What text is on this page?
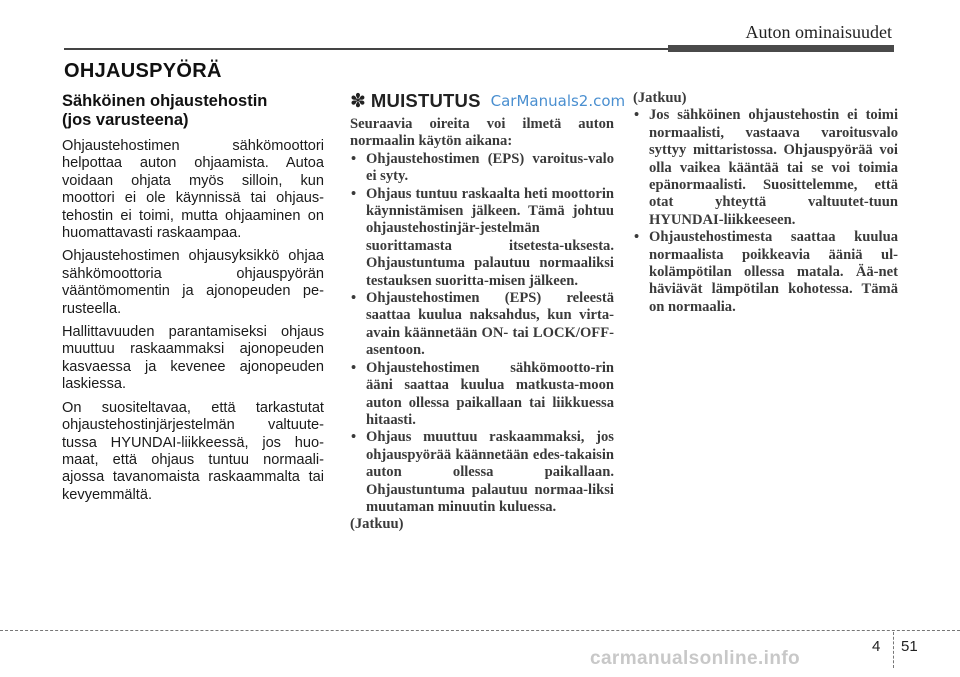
Auton ominaisuudet
OHJAUSPYÖRÄ
Sähköinen ohjaustehostin
(jos varusteena)

Ohjaustehostimen sähkömoottori helpottaa auton ohjaamista. Autoa voidaan ohjata myös silloin, kun moottori ei ole käynnissä tai ohjaus-tehostin ei toimi, mutta ohjaaminen on huomattavasti raskaampaa.

Ohjaustehostimen ohjausyksikkö ohjaa sähkömoottoria ohjauspyörän vääntömomentin ja ajonopeuden pe-rusteella.

Hallittavuuden parantamiseksi ohjaus muuttuu raskaammaksi ajonopeuden kasvaessa ja kevenee ajonopeuden laskiessa.

On suositeltavaa, että tarkastutat ohjaustehostinjärjestelmän valtuute-tussa HYUNDAI-liikkeessä, jos huo-maat, että ohjaus tuntuu normaali-ajossa tavanomaista raskaammalta tai kevyemmältä.

✽ MUISTUTUS CarManuals2.com

Seuraavia oireita voi ilmetä auton normaalin käytön aikana:

• Ohjaustehostimen (EPS) varoitus-valo ei syty.
• Ohjaus tuntuu raskaalta heti moottorin käynnistämisen jälkeen. Tämä johtuu ohjaustehostinjär-jestelmän suorittamasta itsetesta-uksesta. Ohjaustuntuma palautuu normaaliksi testauksen suoritta-misen jälkeen.
• Ohjaustehostimen (EPS) releestä saattaa kuulua naksahdus, kun virta-avain käännetään ON- tai LOCK/OFF-asentoon.
• Ohjaustehostimen sähkömootto-rin ääni saattaa kuulua matkusta-moon auton ollessa paikallaan tai liikkuessa hitaasti.
• Ohjaus muuttuu raskaammaksi, jos ohjauspyörää käännetään edes-takaisin auton ollessa paikallaan. Ohjaustuntuma palautuu normaa-liksi muutaman minuutin kuluessa.

(Jatkuu)

(Jatkuu)

• Jos sähköinen ohjaustehostin ei toimi normaalisti, vastaava varoitusvalo syttyy mittaristossa. Ohjauspyörää voi olla vaikea kääntää tai se voi toimia epänormaalisti. Suosittelemme, että otat yhteyttä valtuutet-tuun HYUNDAI-liikkeeseen.
• Ohjaustehostimesta saattaa kuulua normaalista poikkeavia ääniä ul-kolämpötilan ollessa matala. Ää-net häviävät lämpötilan kohotessa. Tämä on normaalia.
4 51
carmanualsonline.info
